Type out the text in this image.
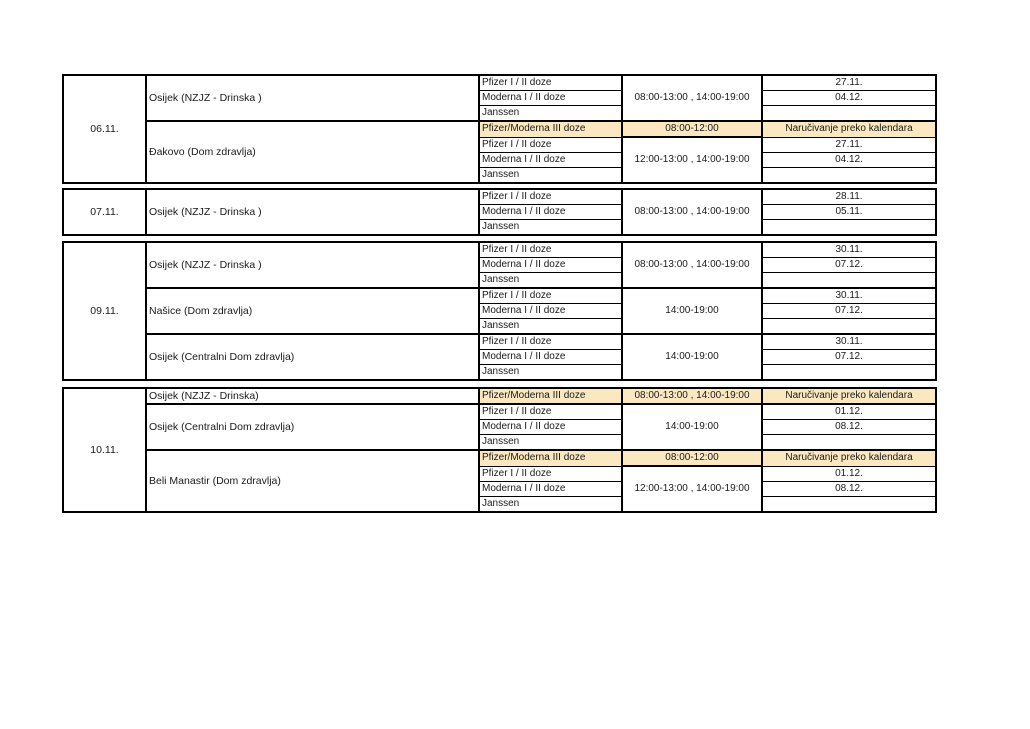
06.11.	Osijek (NZJZ - Drinska )	Pfizer I / II doze	08:00-13:00 , 14:00-19:00	27.11.
		Moderna I / II doze		04.12.
		Janssen		
	Đakovo (Dom zdravlja)	Pfizer/Moderna III doze	08:00-12:00	Naručivanje preko kalendara
		Pfizer I / II doze	12:00-13:00 , 14:00-19:00	27.11.
		Moderna I / II doze		04.12.
		Janssen		
07.11.	Osijek (NZJZ - Drinska )	Pfizer I / II doze	08:00-13:00 , 14:00-19:00	28.11.
		Moderna I / II doze		05.11.
		Janssen		
09.11.	Osijek (NZJZ - Drinska )	Pfizer I / II doze	08:00-13:00 , 14:00-19:00	30.11.
		Moderna I / II doze		07.12.
		Janssen		
	Našice (Dom zdravlja)	Pfizer I / II doze	14:00-19:00	30.11.
		Moderna I / II doze		07.12.
		Janssen		
	Osijek (Centralni Dom zdravlja)	Pfizer I / II doze	14:00-19:00	30.11.
		Moderna I / II doze		07.12.
		Janssen		
10.11.	Osijek (NZJZ - Drinska)	Pfizer/Moderna III doze	08:00-13:00 , 14:00-19:00	Naručivanje preko kalendara
	Osijek (Centralni Dom zdravlja)	Pfizer I / II doze	14:00-19:00	01.12.
		Moderna I / II doze		08.12.
		Janssen		
	Beli Manastir (Dom zdravlja)	Pfizer/Moderna III doze	08:00-12:00	Naručivanje preko kalendara
		Pfizer I / II doze	12:00-13:00 , 14:00-19:00	01.12.
		Moderna I / II doze		08.12.
		Janssen		
